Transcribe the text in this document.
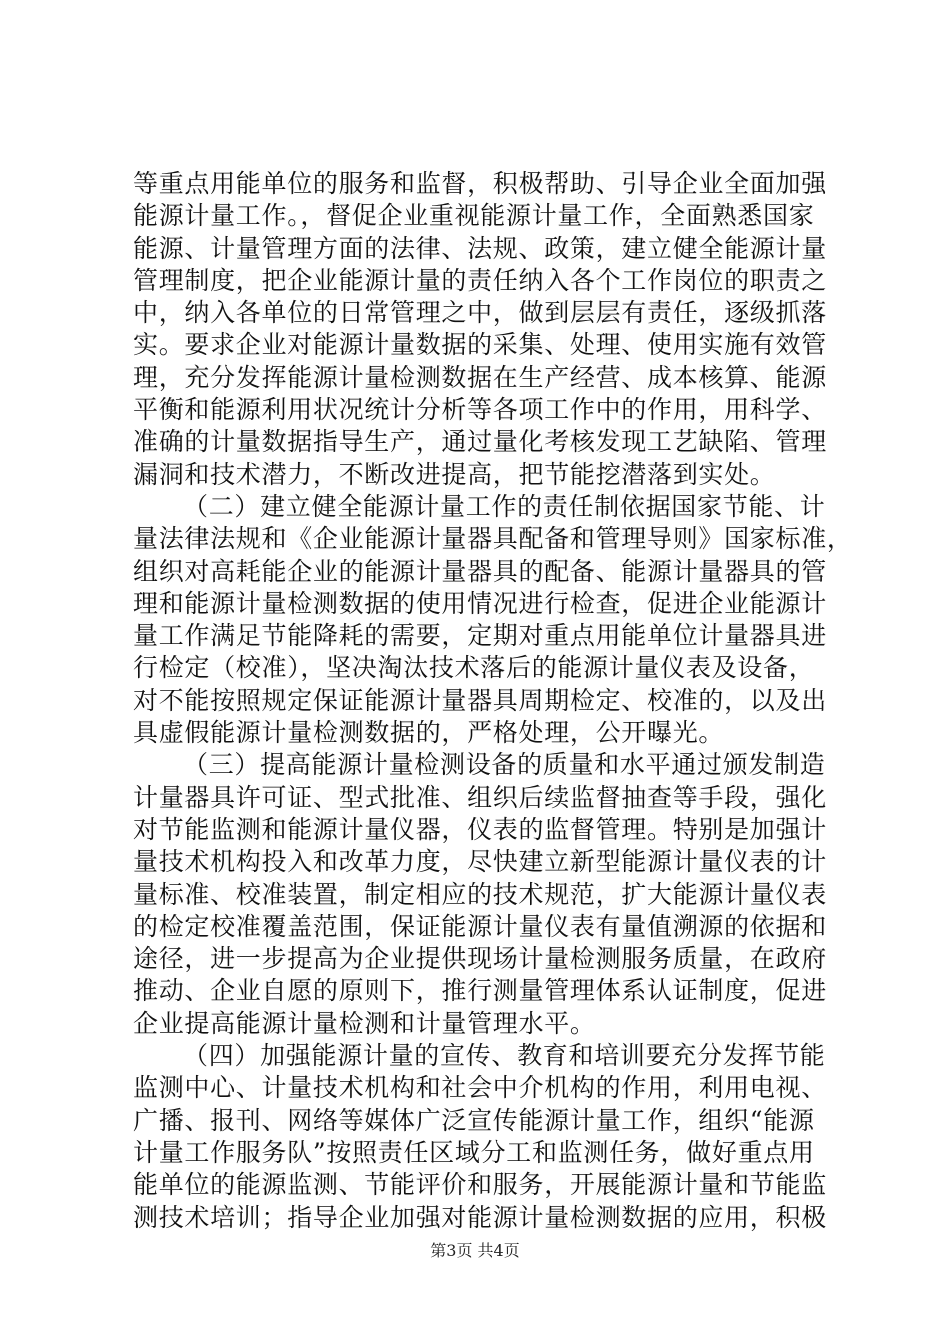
等重点用能单位的服务和监督，积极帮助、引导企业全面加强
能源计量工作。，督促企业重视能源计量工作，全面熟悉国家
能源、计量管理方面的法律、法规、政策，建立健全能源计量
管理制度，把企业能源计量的责任纳入各个工作岗位的职责之
中，纳入各单位的日常管理之中，做到层层有责任，逐级抓落
实。要求企业对能源计量数据的采集、处理、使用实施有效管
理，充分发挥能源计量检测数据在生产经营、成本核算、能源
平衡和能源利用状况统计分析等各项工作中的作用，用科学、
准确的计量数据指导生产，通过量化考核发现工艺缺陷、管理
漏洞和技术潜力，不断改进提高，把节能挖潜落到实处。
（二）建立健全能源计量工作的责任制依据国家节能、计
量法律法规和《企业能源计量器具配备和管理导则》国家标准，
组织对高耗能企业的能源计量器具的配备、能源计量器具的管
理和能源计量检测数据的使用情况进行检查，促进企业能源计
量工作满足节能降耗的需要，定期对重点用能单位计量器具进
行检定（校准），坚决淘汰技术落后的能源计量仪表及设备，
对不能按照规定保证能源计量器具周期检定、校准的，以及出
具虚假能源计量检测数据的，严格处理，公开曝光。
（三）提高能源计量检测设备的质量和水平通过颁发制造
计量器具许可证、型式批准、组织后续监督抽查等手段，强化
对节能监测和能源计量仪器，仪表的监督管理。特别是加强计
量技术机构投入和改革力度，尽快建立新型能源计量仪表的计
量标准、校准装置，制定相应的技术规范，扩大能源计量仪表
的检定校准覆盖范围，保证能源计量仪表有量值溯源的依据和
途径，进一步提高为企业提供现场计量检测服务质量，在政府
推动、企业自愿的原则下，推行测量管理体系认证制度，促进
企业提高能源计量检测和计量管理水平。
（四）加强能源计量的宣传、教育和培训要充分发挥节能
监测中心、计量技术机构和社会中介机构的作用，利用电视、
广播、报刊、网络等媒体广泛宣传能源计量工作，组织“能源
计量工作服务队”按照责任区域分工和监测任务，做好重点用
能单位的能源监测、节能评价和服务，开展能源计量和节能监
测技术培训；指导企业加强对能源计量检测数据的应用，积极
第3页 共4页
